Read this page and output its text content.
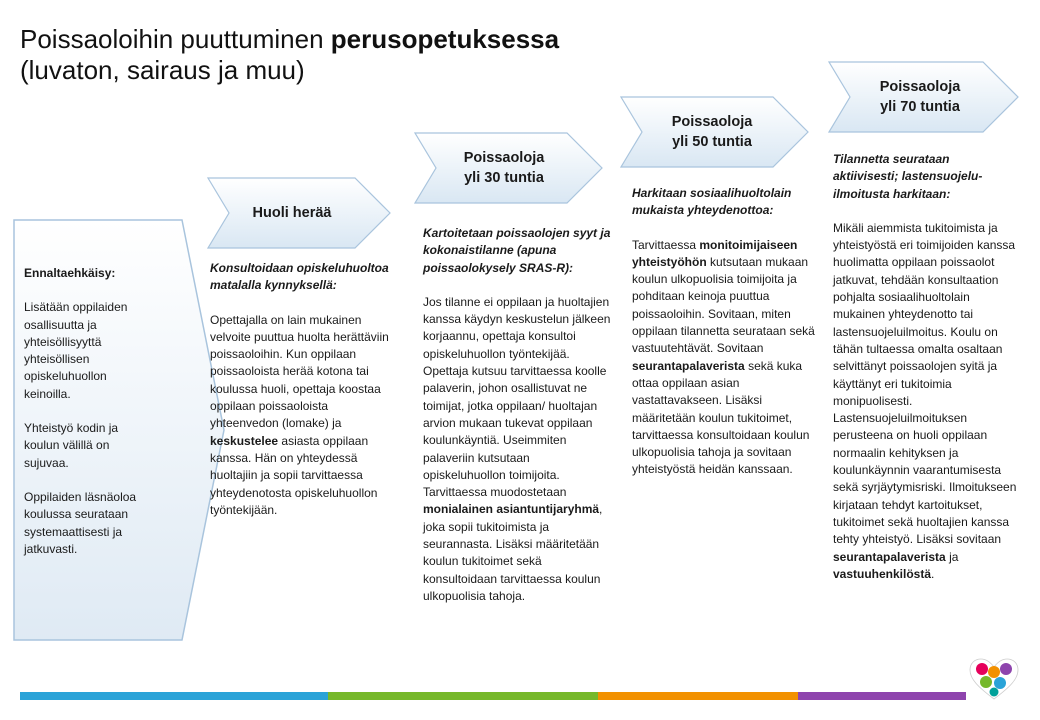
Poissaoloihin puuttuminen perusopetuksessa
(luvaton, sairaus ja muu)

Ennaltaehkäisy:

Lisätään oppilaiden osallisuutta ja yhteisöllisyyttä yhteisöllisen opiskeluhuollon keinoilla.

Yhteistyö kodin ja koulun välillä on sujuvaa.

Oppilaiden läsnäoloa koulussa seurataan systemaattisesti ja jatkuvasti.

Huoli herää
Poissaoloja
yli 30 tuntia
Poissaoloja
yli 50 tuntia
Poissaoloja
yli 70 tuntia

Konsultoidaan opiskeluhuoltoa matalalla kynnyksellä:

Opettajalla on lain mukainen velvoite puuttua huolta herättäviin poissaoloihin. Kun oppilaan poissaoloista herää kotona tai koulussa huoli, opettaja koostaa oppilaan poissaoloista yhteenvedon (lomake) ja keskustelee asiasta oppilaan kanssa. Hän on yhteydessä huoltajiin ja sopii tarvittaessa yhteydenotosta opiskeluhuollon työntekijään.

Kartoitetaan poissaolojen syyt ja kokonaistilanne (apuna poissaolokysely SRAS-R):

Jos tilanne ei oppilaan ja huoltajien kanssa käydyn keskustelun jälkeen korjaannu, opettaja konsultoi opiskeluhuollon työntekijää. Opettaja kutsuu tarvittaessa koolle palaverin, johon osallistuvat ne toimijat, jotka oppilaan/ huoltajan arvion mukaan tukevat oppilaan koulunkäyntiä. Useimmiten palaveriin kutsutaan opiskeluhuollon toimijoita. Tarvittaessa muodostetaan monialainen asiantuntijaryhmä, joka sopii tukitoimista ja seurannasta. Lisäksi määritetään koulun tukitoimet sekä konsultoidaan tarvittaessa koulun ulkopuolisia tahoja.

Harkitaan sosiaalihuoltolain mukaista yhteydenottoa:

Tarvittaessa monitoimijaiseen yhteistyöhön kutsutaan mukaan koulun ulkopuolisia toimijoita ja pohditaan keinoja puuttua poissaoloihin. Sovitaan, miten oppilaan tilannetta seurataan sekä vastuutehtävät. Sovitaan seurantapalaverista sekä kuka ottaa oppilaan asian vastattavakseen. Lisäksi määritetään koulun tukitoimet, tarvittaessa konsultoidaan koulun ulkopuolisia tahoja ja sovitaan yhteistyöstä heidän kanssaan.

Tilannetta seurataan aktiivisesti; lastensuojelu-ilmoitusta harkitaan:

Mikäli aiemmista tukitoimista ja yhteistyöstä eri toimijoiden kanssa huolimatta oppilaan poissaolot jatkuvat, tehdään konsultaation pohjalta sosiaalihuoltolain mukainen yhteydenotto tai lastensuojeluilmoitus. Koulu on tähän tultaessa omalta osaltaan selvittänyt poissaolojen syitä ja käyttänyt eri tukitoimia monipuolisesti. Lastensuojeluilmoituksen perusteena on huoli oppilaan normaalin kehityksen ja koulunkäynnin vaarantumisesta sekä syrjäytymisriski. Ilmoitukseen kirjataan tehdyt kartoitukset, tukitoimet sekä huoltajien kanssa tehty yhteistyö. Lisäksi sovitaan seurantapalaverista ja vastuuhenkilöstä.
